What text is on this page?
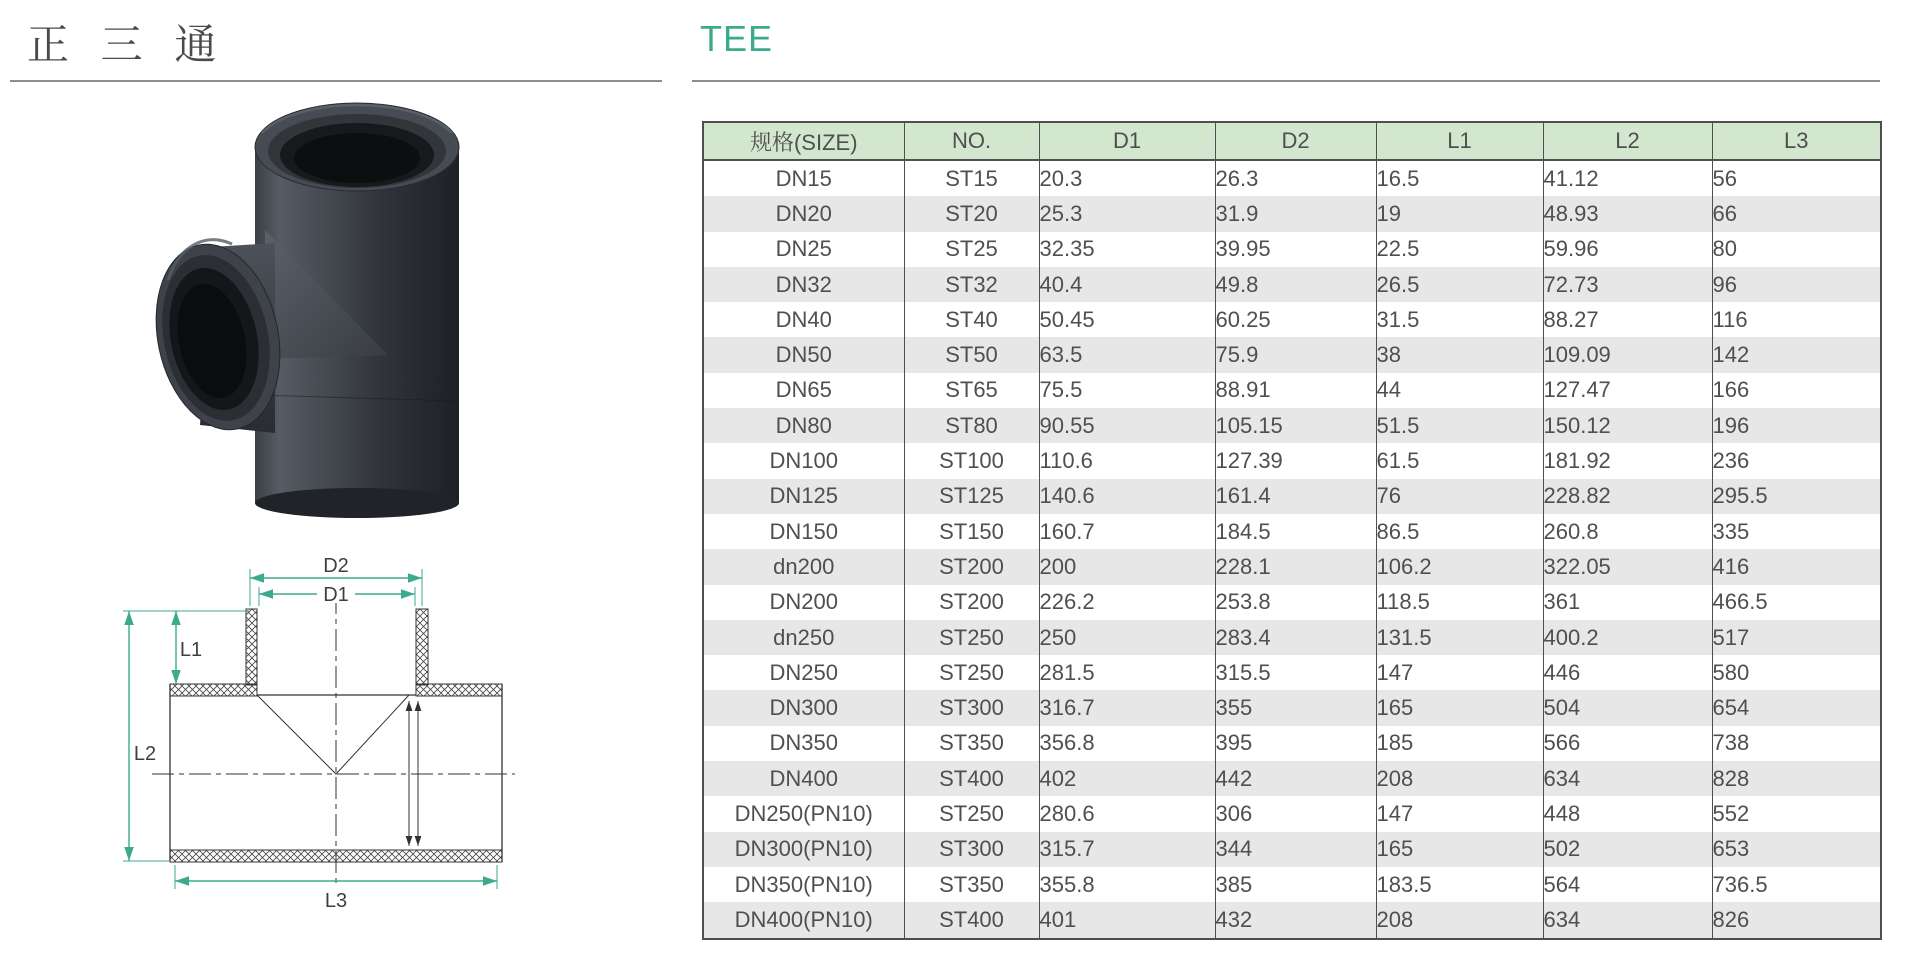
正 三 通	TEE
D2
D1
L1
L2
L3
规格(SIZE)	NO.	D1	D2	L1	L2	L3
DN15	ST15	20.3	26.3	16.5	41.12	56
DN20	ST20	25.3	31.9	19	48.93	66
DN25	ST25	32.35	39.95	22.5	59.96	80
DN32	ST32	40.4	49.8	26.5	72.73	96
DN40	ST40	50.45	60.25	31.5	88.27	116
DN50	ST50	63.5	75.9	38	109.09	142
DN65	ST65	75.5	88.91	44	127.47	166
DN80	ST80	90.55	105.15	51.5	150.12	196
DN100	ST100	110.6	127.39	61.5	181.92	236
DN125	ST125	140.6	161.4	76	228.82	295.5
DN150	ST150	160.7	184.5	86.5	260.8	335
dn200	ST200	200	228.1	106.2	322.05	416
DN200	ST200	226.2	253.8	118.5	361	466.5
dn250	ST250	250	283.4	131.5	400.2	517
DN250	ST250	281.5	315.5	147	446	580
DN300	ST300	316.7	355	165	504	654
DN350	ST350	356.8	395	185	566	738
DN400	ST400	402	442	208	634	828
DN250(PN10)	ST250	280.6	306	147	448	552
DN300(PN10)	ST300	315.7	344	165	502	653
DN350(PN10)	ST350	355.8	385	183.5	564	736.5
DN400(PN10)	ST400	401	432	208	634	826
